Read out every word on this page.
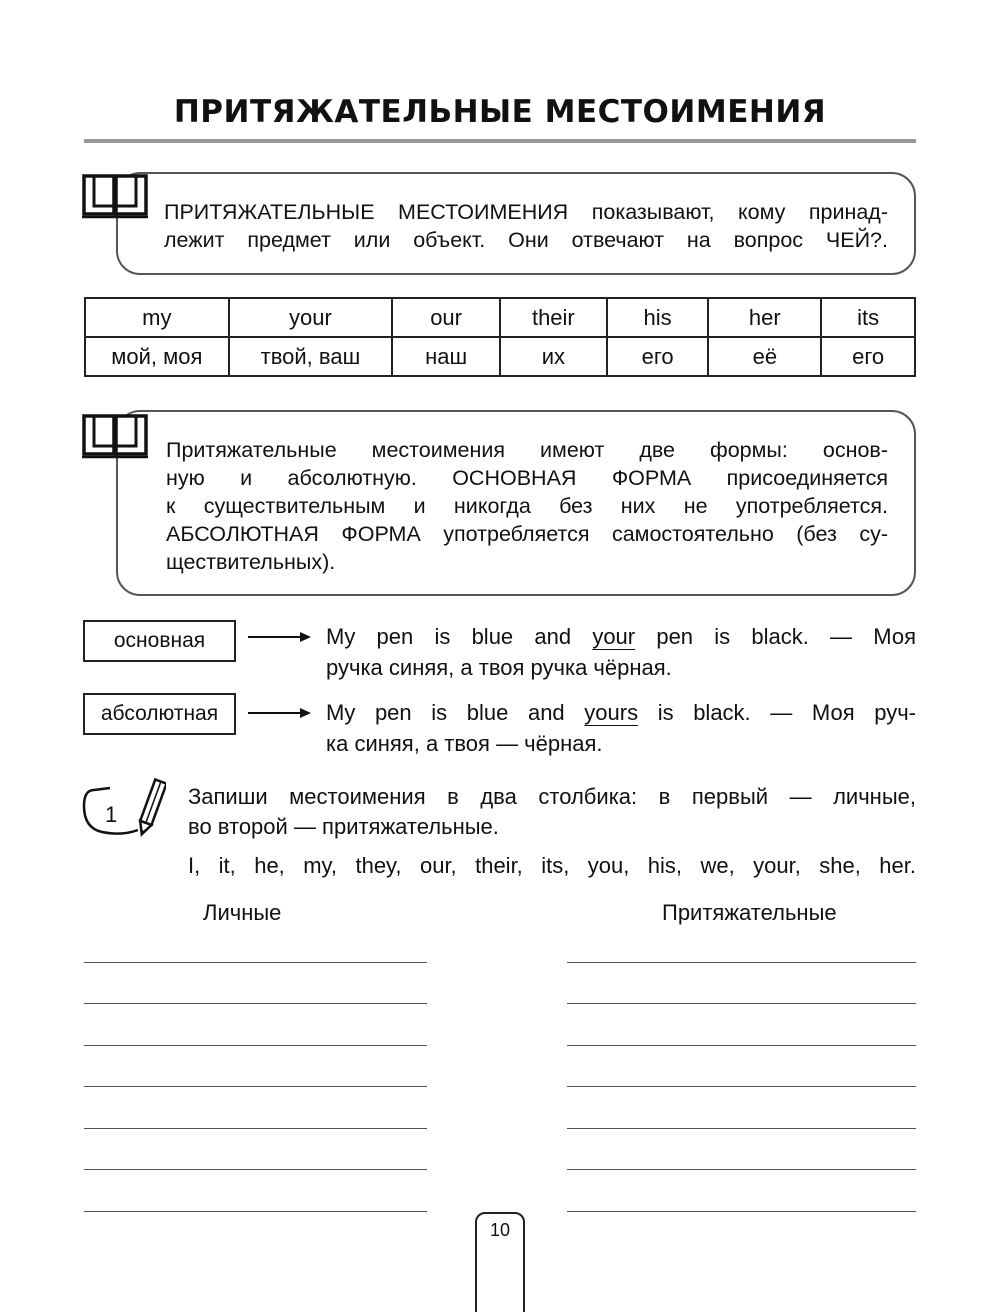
ПРИТЯЖАТЕЛЬНЫЕ МЕСТОИМЕНИЯ

ПРИТЯЖАТЕЛЬНЫЕ МЕСТОИМЕНИЯ показывают, кому принад-

лежит предмет или объект. Они отвечают на вопрос ЧЕЙ?.

my	your	our	their	his	her	its
мой, моя	твой, ваш	наш	их	его	её	его

Притяжательные местоимения имеют две формы: основ-

ную и абсолютную. ОСНОВНАЯ ФОРМА присоединяется

к существительным и никогда без них не употребляется.

АБСОЛЮТНАЯ ФОРМА употребляется самостоятельно (без су-

ществительных).

основная	My pen is blue and your pen is black. — Моя
ручка синяя, а твоя ручка чёрная.
абсолютная	My pen is blue and yours is black. — Моя руч-
ка синяя, а твоя — чёрная.
1
Запиши местоимения в два столбика: в первый — личные,
во второй — притяжательные.
I, it, he, my, they, our, their, its, you, his, we, your, she, her.
Личные	Притяжательные
10
